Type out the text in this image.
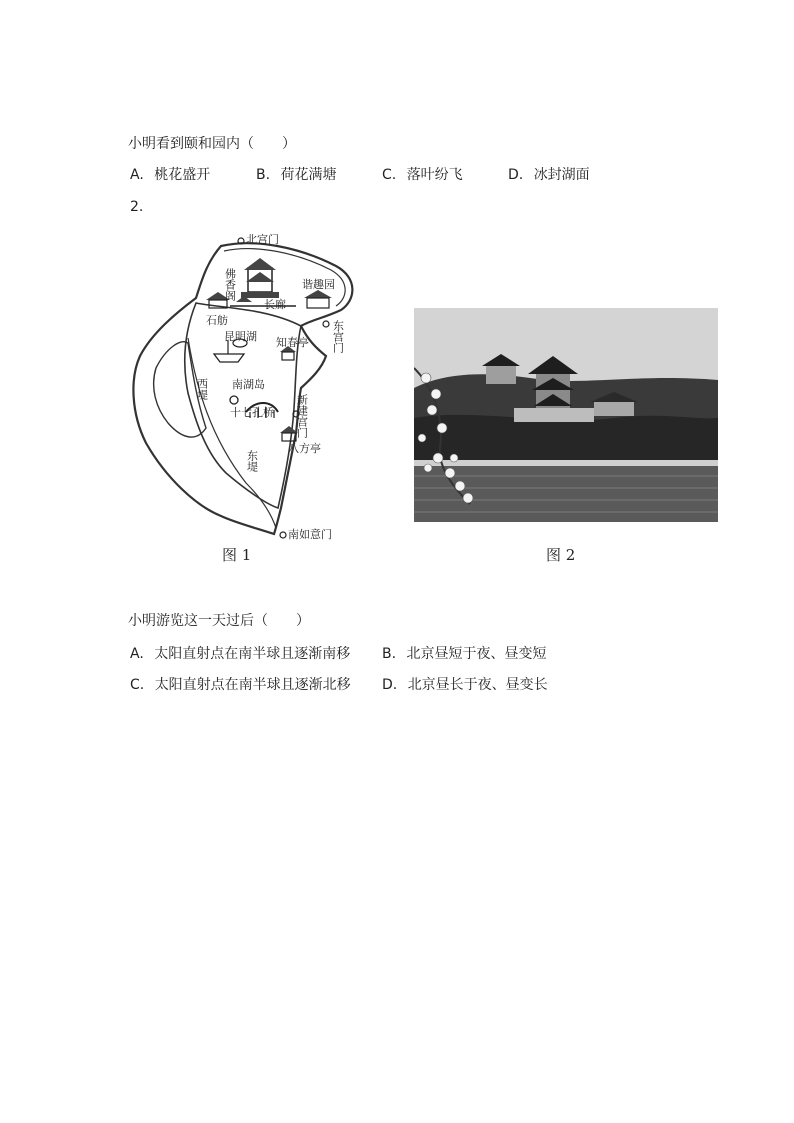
小明看到颐和园内（　　）
A. 桃花盛开	B. 荷花满塘	C. 落叶纷飞	D. 冰封湖面
2.
北宫门
佛香阁	谐趣园
长廊
石舫	东宫门
昆明湖 知春亭
西堤 南湖岛
十七孔桥 新建宫门
八方亭
东堤
南如意门
图 1	图 2
小明游览这一天过后（　　）
A. 太阳直射点在南半球且逐渐南移 B. 北京昼短于夜、昼变短
C. 太阳直射点在南半球且逐渐北移 D. 北京昼长于夜、昼变长
